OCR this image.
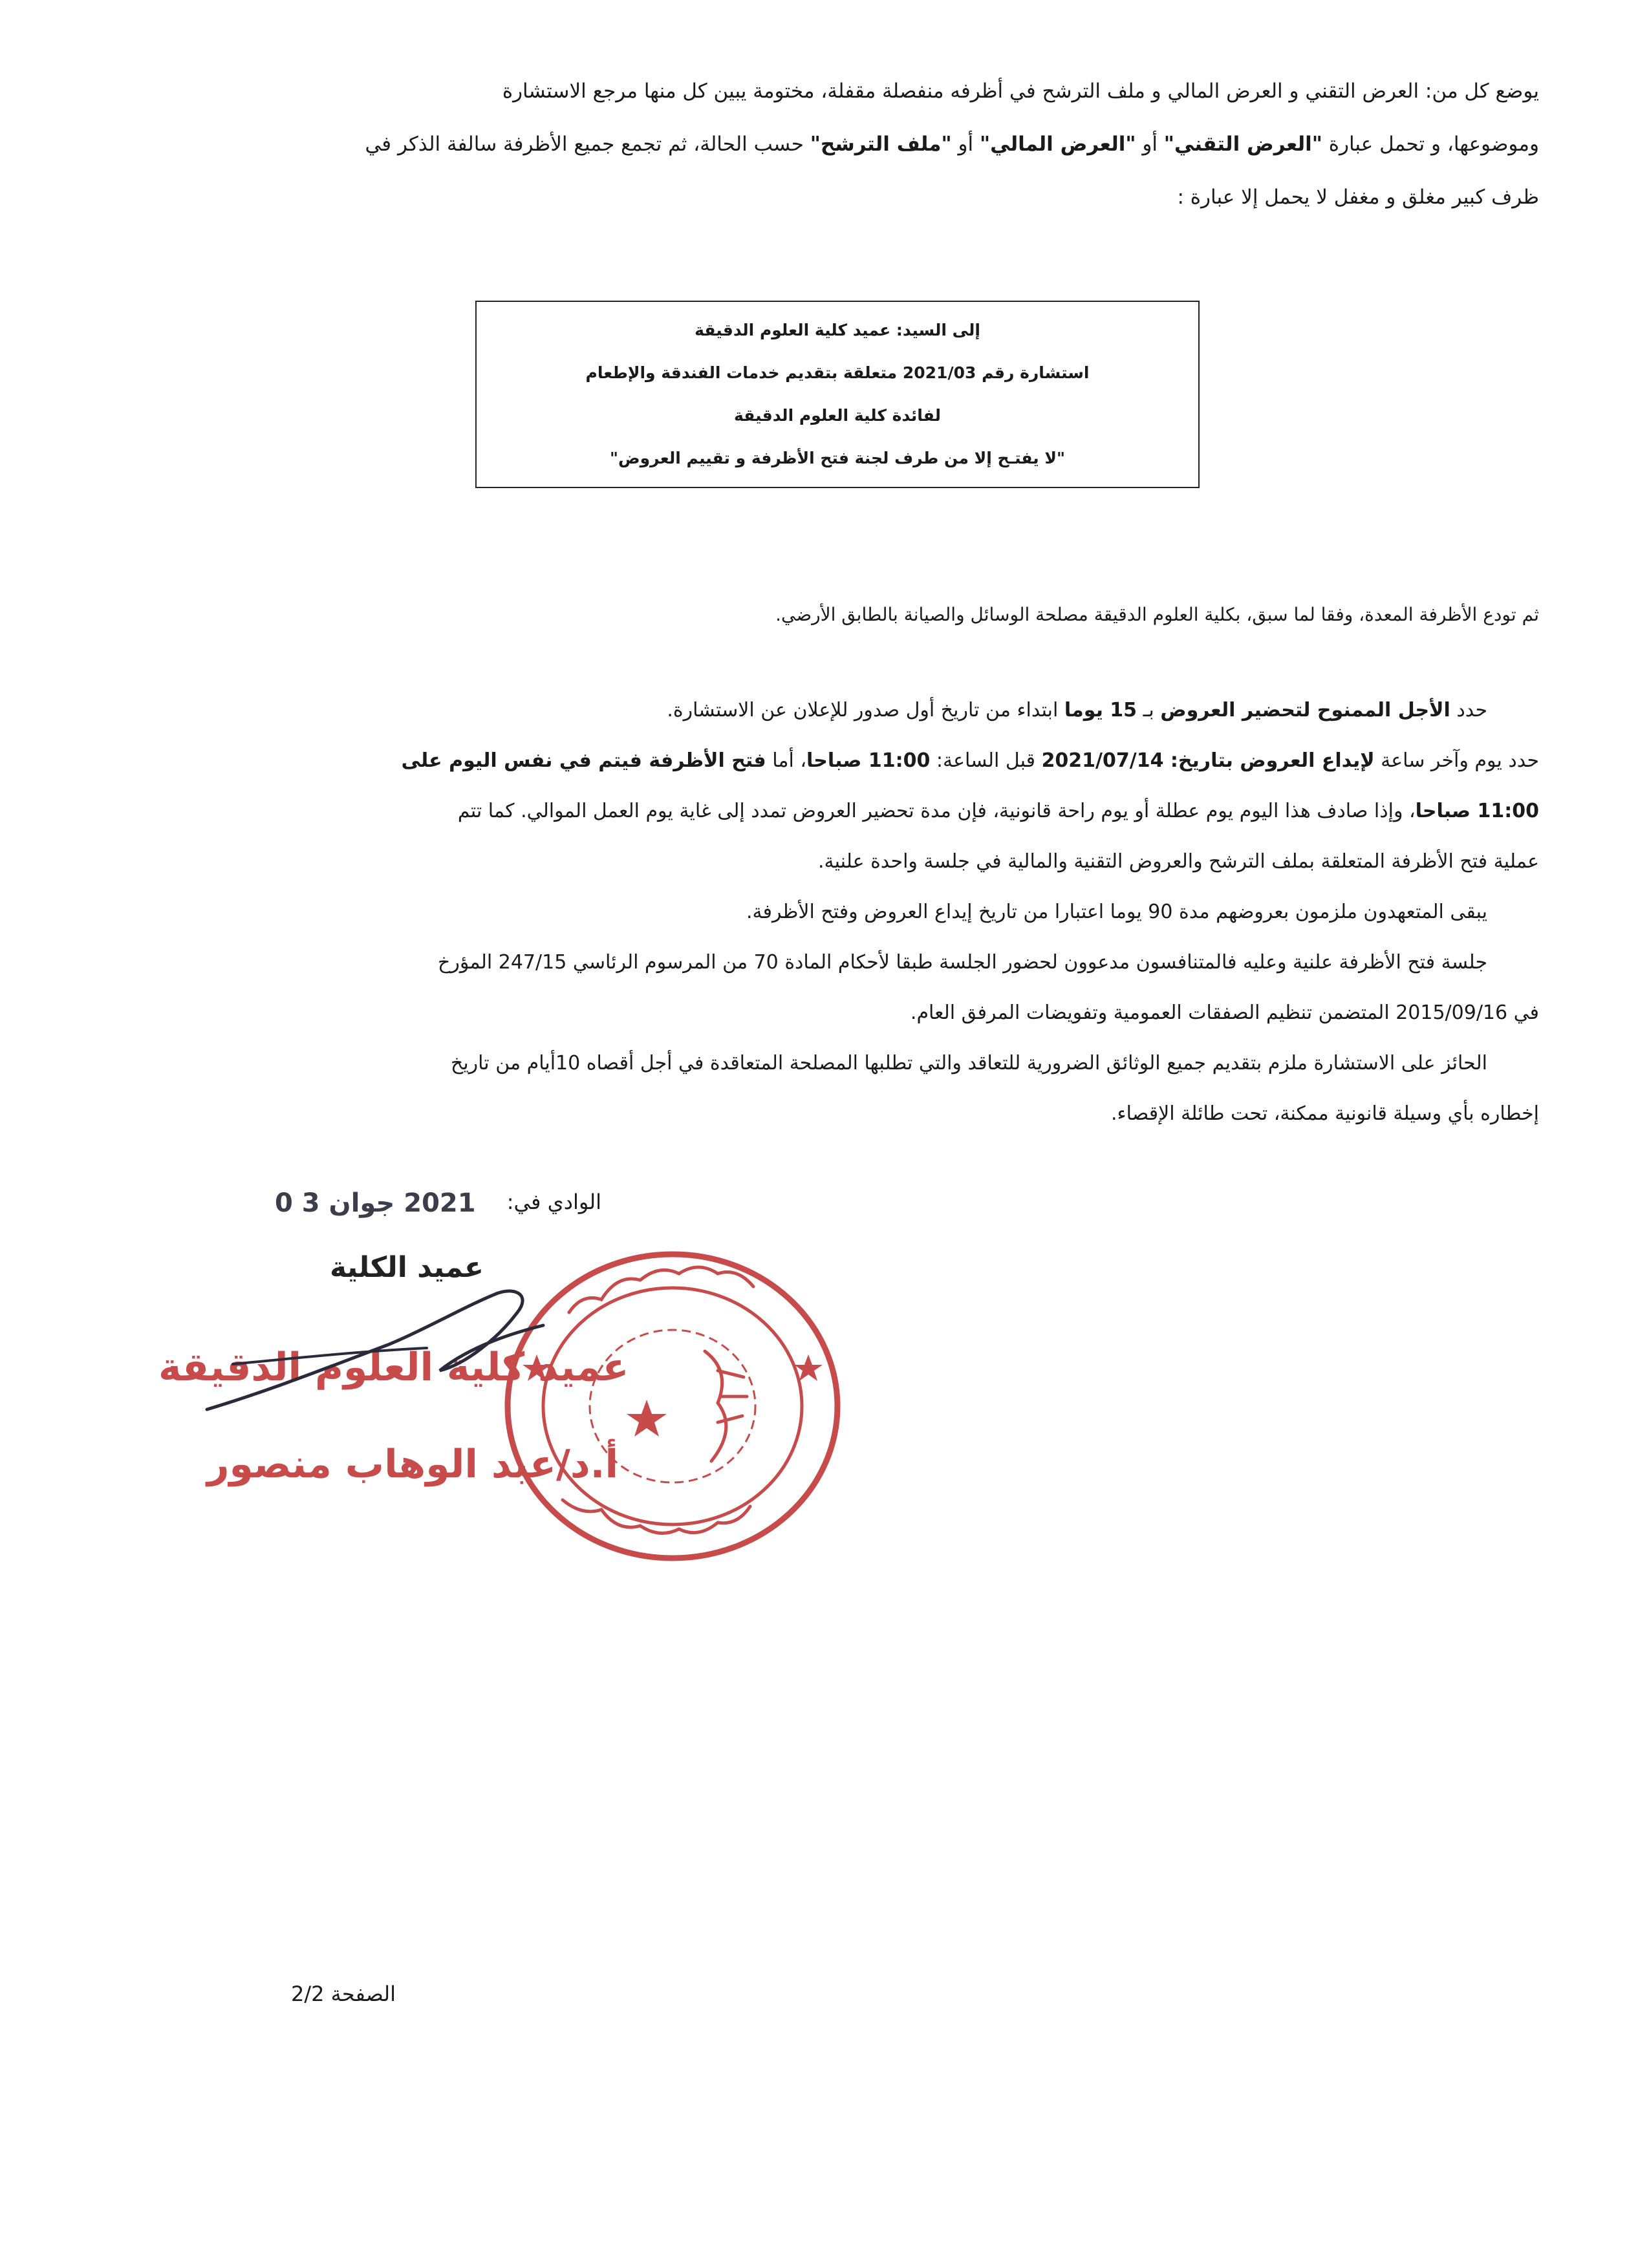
يوضع كل من: العرض التقني و العرض المالي و ملف الترشح في أظرفه منفصلة مقفلة، مختومة يبين كل منها مرجع الاستشارة
وموضوعها، و تحمل عبارة "العرض التقني" أو "العرض المالي" أو "ملف الترشح" حسب الحالة، ثم تجمع جميع الأظرفة سالفة الذكر في
ظرف كبير مغلق و مغفل لا يحمل إلا عبارة :
إلى السيد: عميد كلية العلوم الدقيقة
استشارة رقم 2021/03 متعلقة بتقديم خدمات الفندقة والإطعام
لفائدة كلية العلوم الدقيقة
"لا يفتـح إلا من طرف لجنة فتح الأظرفة و تقييم العروض"
ثم تودع الأظرفة المعدة، وفقا لما سبق، بكلية العلوم الدقيقة مصلحة الوسائل والصيانة بالطابق الأرضي.
حدد الأجل الممنوح لتحضير العروض بـ 15 يوما ابتداء من تاريخ أول صدور للإعلان عن الاستشارة.
حدد يوم وآخر ساعة لإيداع العروض بتاريخ: 2021/07/14 قبل الساعة: 11:00 صباحا، أما فتح الأظرفة فيتم في نفس اليوم على
11:00 صباحا، وإذا صادف هذا اليوم يوم عطلة أو يوم راحة قانونية، فإن مدة تحضير العروض تمدد إلى غاية يوم العمل الموالي. كما تتم
عملية فتح الأظرفة المتعلقة بملف الترشح والعروض التقنية والمالية في جلسة واحدة علنية.
يبقى المتعهدون ملزمون بعروضهم مدة 90 يوما اعتبارا من تاريخ إيداع العروض وفتح الأظرفة.
جلسة فتح الأظرفة علنية وعليه فالمتنافسون مدعوون لحضور الجلسة طبقا لأحكام المادة 70 من المرسوم الرئاسي 247/15 المؤرخ
في 2015/09/16 المتضمن تنظيم الصفقات العمومية وتفويضات المرفق العام.
الحائز على الاستشارة ملزم بتقديم جميع الوثائق الضرورية للتعاقد والتي تطلبها المصلحة المتعاقدة في أجل أقصاه 10أيام من تاريخ
إخطاره بأي وسيلة قانونية ممكنة، تحت طائلة الإقصاء.
الوادي في:
2021 جوان 3 0
عميد الكلية
عميد كلية العلوم الدقيقة
أ.د/عبد الوهاب منصور
الصفحة 2/2
